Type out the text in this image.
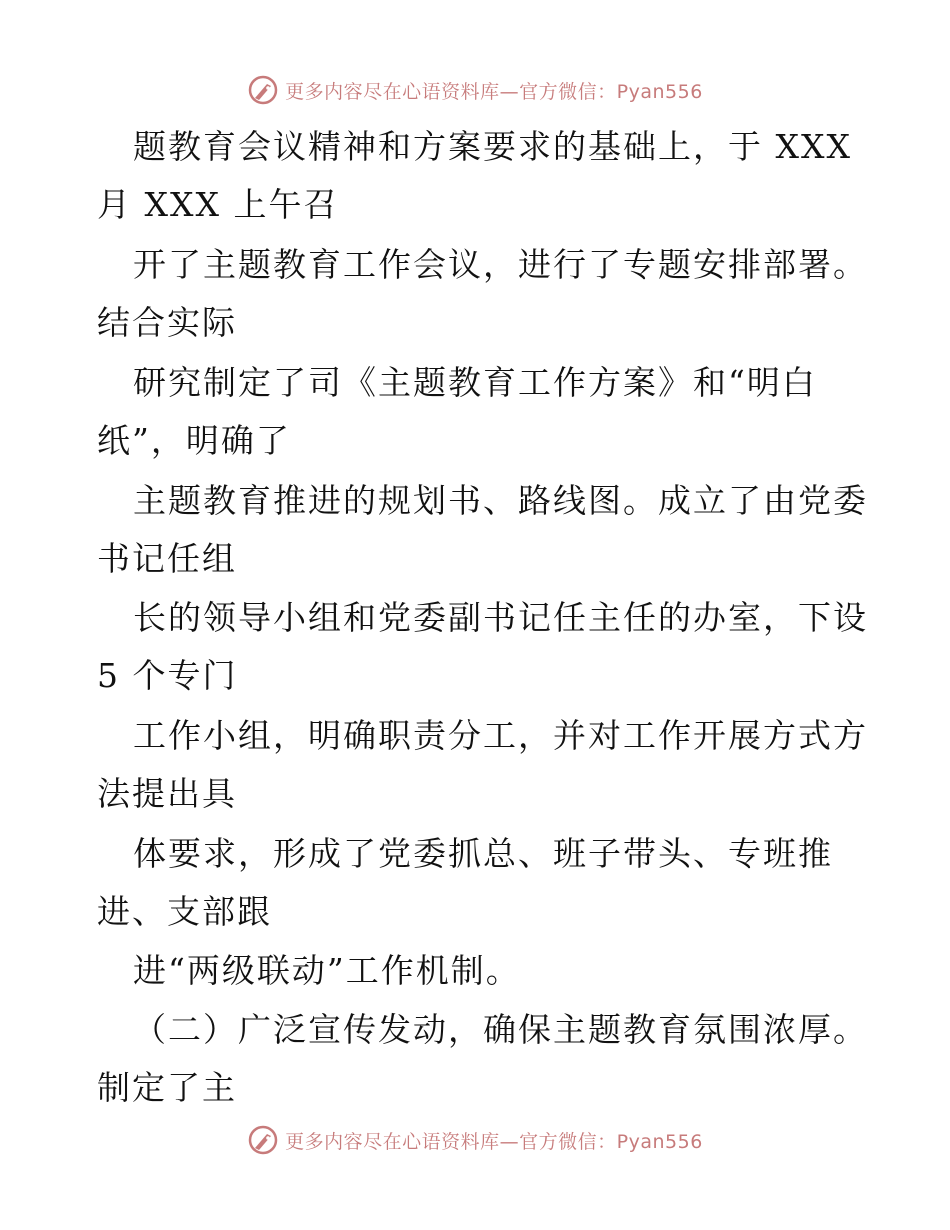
更多内容尽在心语资料库—官方微信：Pyan556
题教育会议精神和方案要求的基础上，于 XXX
月 XXX 上午召
开了主题教育工作会议，进行了专题安排部署。
结合实际
研究制定了司《主题教育工作方案》和“明白
纸”，明确了
主题教育推进的规划书、路线图。成立了由党委
书记任组
长的领导小组和党委副书记任主任的办室，下设
5 个专门
工作小组，明确职责分工，并对工作开展方式方
法提出具
体要求，形成了党委抓总、班子带头、专班推
进、支部跟
进“两级联动”工作机制。
（二）广泛宣传发动，确保主题教育氛围浓厚。
制定了主
更多内容尽在心语资料库—官方微信：Pyan556
